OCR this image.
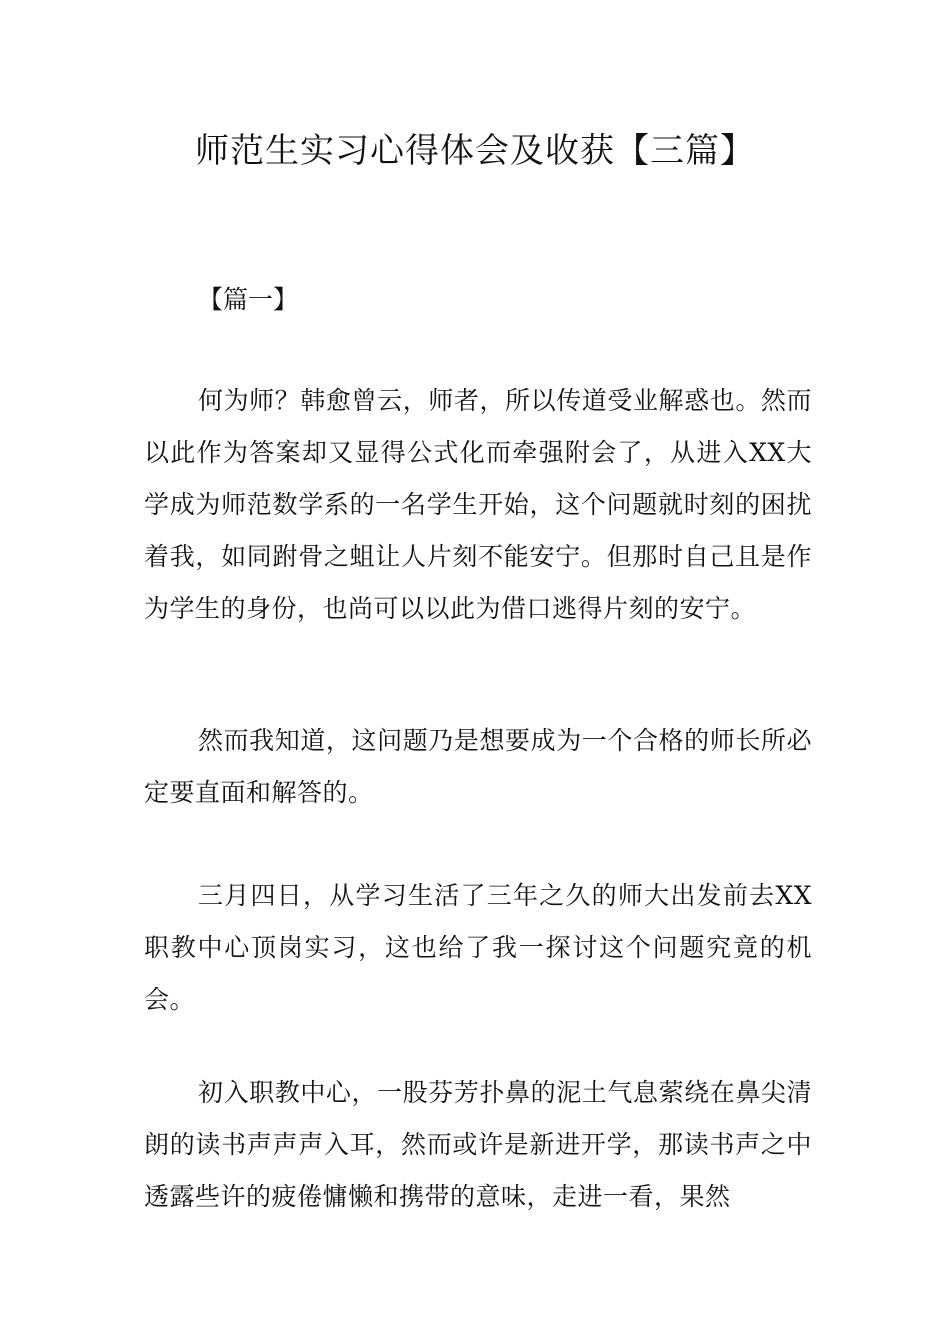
师范生实习心得体会及收获【三篇】
【篇一】

何为师？韩愈曾云，师者，所以传道受业解惑也。然而以此作为答案却又显得公式化而牵强附会了，从进入XX大学成为师范数学系的一名学生开始，这个问题就时刻的困扰着我，如同跗骨之蛆让人片刻不能安宁。但那时自己且是作为学生的身份，也尚可以以此为借口逃得片刻的安宁。

然而我知道，这问题乃是想要成为一个合格的师长所必定要直面和解答的。

三月四日，从学习生活了三年之久的师大出发前去XX职教中心顶岗实习，这也给了我一探讨这个问题究竟的机会。

初入职教中心，一股芬芳扑鼻的泥土气息萦绕在鼻尖清朗的读书声声声入耳，然而或许是新进开学，那读书声之中透露些许的疲倦慵懒和携带的意味，走进一看，果然
